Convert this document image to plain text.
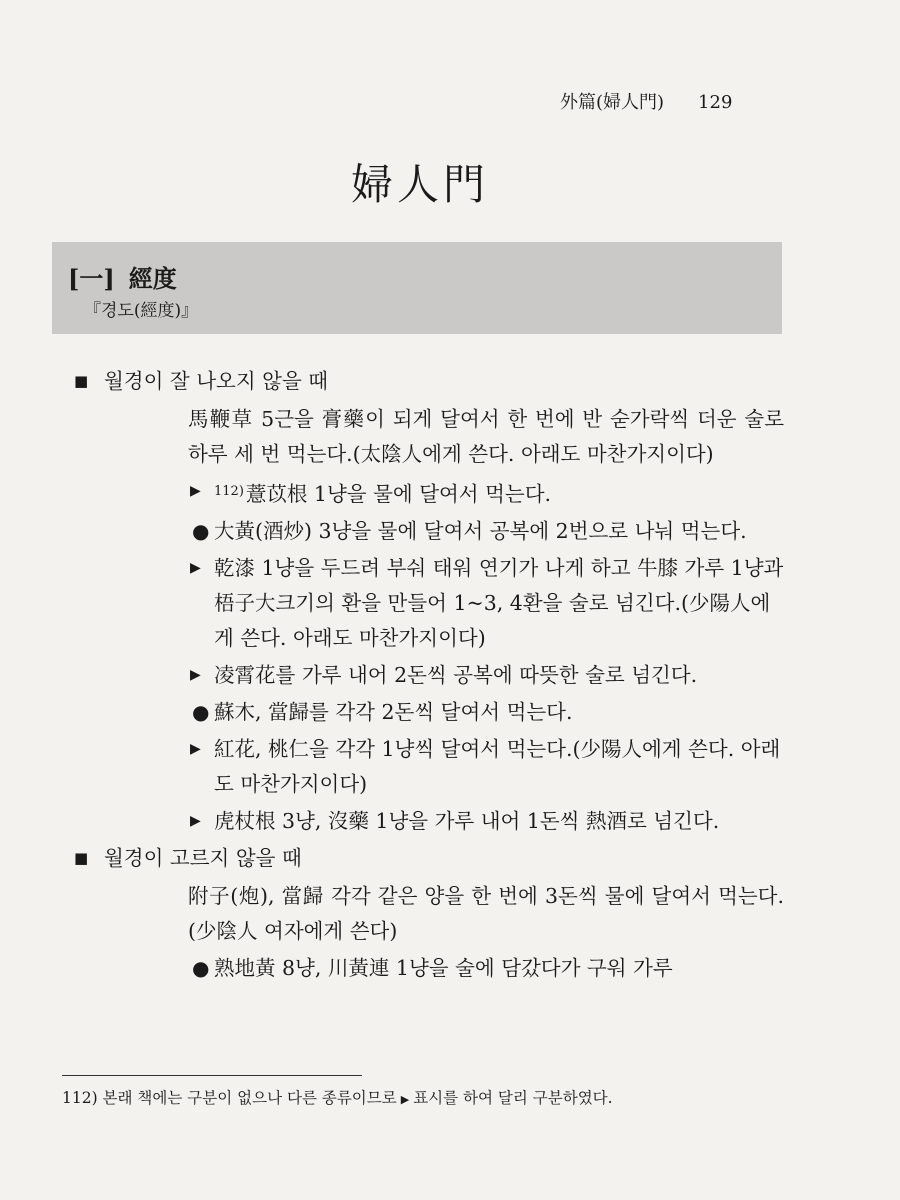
外篇(婦人門) 129
婦人門
[一] 經度
『경도(經度)』
■ 월경이 잘 나오지 않을 때
馬鞭草 5근을 膏藥이 되게 달여서 한 번에 반 숟가락씩 더운 술로 하루 세 번 먹는다.(太陰人에게 쓴다. 아래도 마찬가지이다)
▶ $^{112)}$薏苡根 1냥을 물에 달여서 먹는다.
● 大黃(酒炒) 3냥을 물에 달여서 공복에 2번으로 나눠 먹는다.
▶ 乾漆 1냥을 두드려 부숴 태워 연기가 나게 하고 牛膝 가루 1냥과 梧子大크기의 환을 만들어 1~3, 4환을 술로 넘긴다.(少陽人에게 쓴다. 아래도 마찬가지이다)
▶ 凌霄花를 가루 내어 2돈씩 공복에 따뜻한 술로 넘긴다.
● 蘇木, 當歸를 각각 2돈씩 달여서 먹는다.
▶ 紅花, 桃仁을 각각 1냥씩 달여서 먹는다.(少陽人에게 쓴다. 아래도 마찬가지이다)
▶ 虎杖根 3냥, 沒藥 1냥을 가루 내어 1돈씩 熱酒로 넘긴다.
■ 월경이 고르지 않을 때
附子(炮), 當歸 각각 같은 양을 한 번에 3돈씩 물에 달여서 먹는다.(少陰人 여자에게 쓴다)
● 熟地黃 8냥, 川黃連 1냥을 술에 담갔다가 구워 가루
112) 본래 책에는 구분이 없으나 다른 종류이므로 ▶ 표시를 하여 달리 구분하였다.
